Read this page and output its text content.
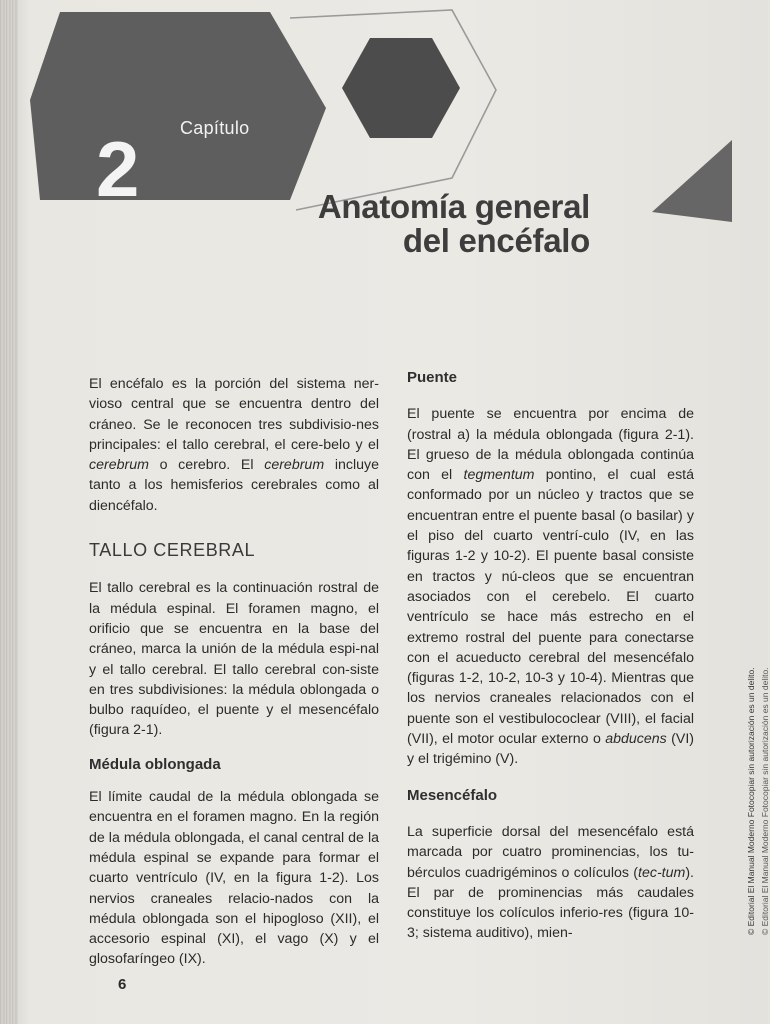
Capítulo
2	Anatomía general
del encéfalo

El encéfalo es la porción del sistema ner-vioso central que se encuentra dentro del cráneo. Se le reconocen tres subdivisio-nes principales: el tallo cerebral, el cere-belo y el cerebrum o cerebro. El cerebrum incluye tanto a los hemisferios cerebrales como al diencéfalo.

TALLO CEREBRAL

El tallo cerebral es la continuación rostral de la médula espinal. El foramen magno, el orificio que se encuentra en la base del cráneo, marca la unión de la médula espi-nal y el tallo cerebral. El tallo cerebral con-siste en tres subdivisiones: la médula oblongada o bulbo raquídeo, el puente y el mesencéfalo (figura 2-1).

Médula oblongada

El límite caudal de la médula oblongada se encuentra en el foramen magno. En la región de la médula oblongada, el canal central de la médula espinal se expande para formar el cuarto ventrículo (IV, en la figura 1-2). Los nervios craneales relacio-nados con la médula oblongada son el hipogloso (XII), el accesorio espinal (XI), el vago (X) y el glosofaríngeo (IX).

Puente

El puente se encuentra por encima de (rostral a) la médula oblongada (figura 2-1). El grueso de la médula oblongada continúa con el tegmentum pontino, el cual está conformado por un núcleo y tractos que se encuentran entre el puente basal (o basilar) y el piso del cuarto ventrí-culo (IV, en las figuras 1-2 y 10-2). El puente basal consiste en tractos y nú-cleos que se encuentran asociados con el cerebelo. El cuarto ventrículo se hace más estrecho en el extremo rostral del puente para conectarse con el acueducto cerebral del mesencéfalo (figuras 1-2, 10-2, 10-3 y 10-4). Mientras que los nervios craneales relacionados con el puente son el vestibulococlear (VIII), el facial (VII), el motor ocular externo o abducens (VI) y el trigémino (V).

Mesencéfalo

La superficie dorsal del mesencéfalo está marcada por cuatro prominencias, los tu-bérculos cuadrigéminos o colículos (tec-tum). El par de prominencias más caudales constituye los colículos inferio-res (figura 10-3; sistema auditivo), mien-

6
© Editorial El Manual Moderno Fotocopiar sin autorización es un delito. © Editorial El Manual Moderno Fotocopiar sin autorización es un delito.
